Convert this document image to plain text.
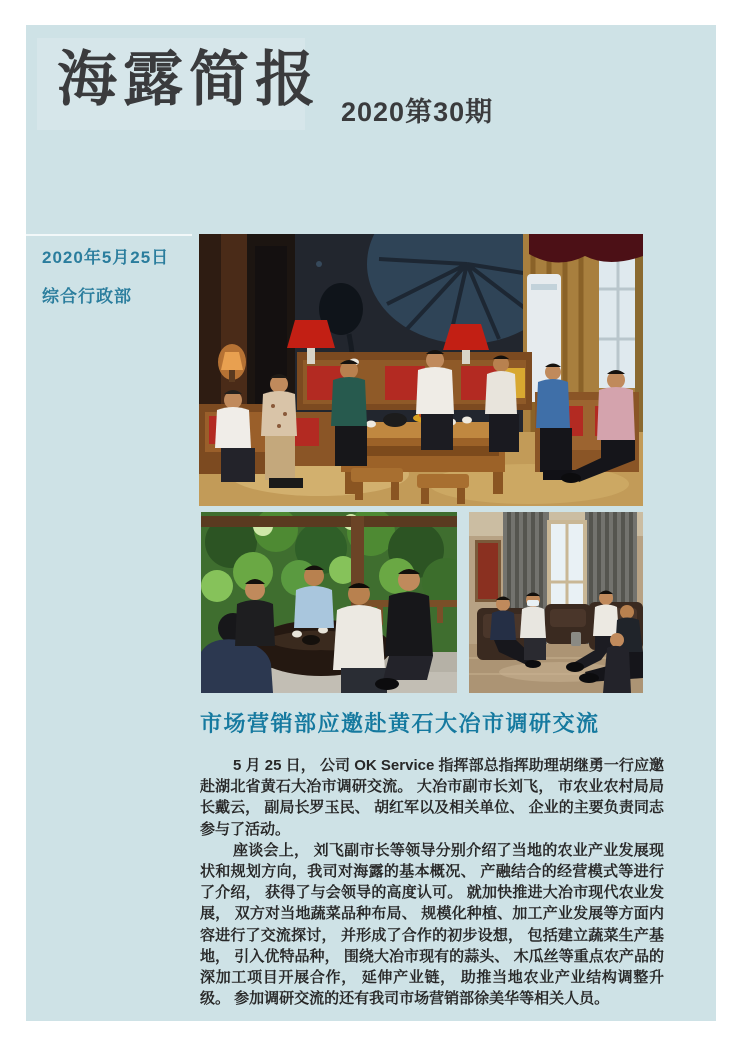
海露简报 2020第30期
2020年5月25日
综合行政部
市场营销部应邀赴黄石大冶市调研交流

5 月 25 日， 公司 OK Service 指挥部总指挥助理胡继勇一行应邀赴湖北省黄石大冶市调研交流。 大冶市副市长刘飞， 市农业农村局局长戴云， 副局长罗玉民、 胡红军以及相关单位、 企业的主要负责同志参与了活动。

座谈会上， 刘飞副市长等领导分别介绍了当地的农业产业发展现状和规划方向，我司对海露的基本概况、 产融结合的经营模式等进行了介绍， 获得了与会领导的高度认可。 就加快推进大冶市现代农业发展， 双方对当地蔬菜品种布局、 规模化种植、加工产业发展等方面内容进行了交流探讨， 并形成了合作的初步设想， 包括建立蔬菜生产基地， 引入优特品种， 围绕大冶市现有的蒜头、 木瓜丝等重点农产品的深加工项目开展合作， 延伸产业链， 助推当地农业产业结构调整升级。 参加调研交流的还有我司市场营销部徐美华等相关人员。
